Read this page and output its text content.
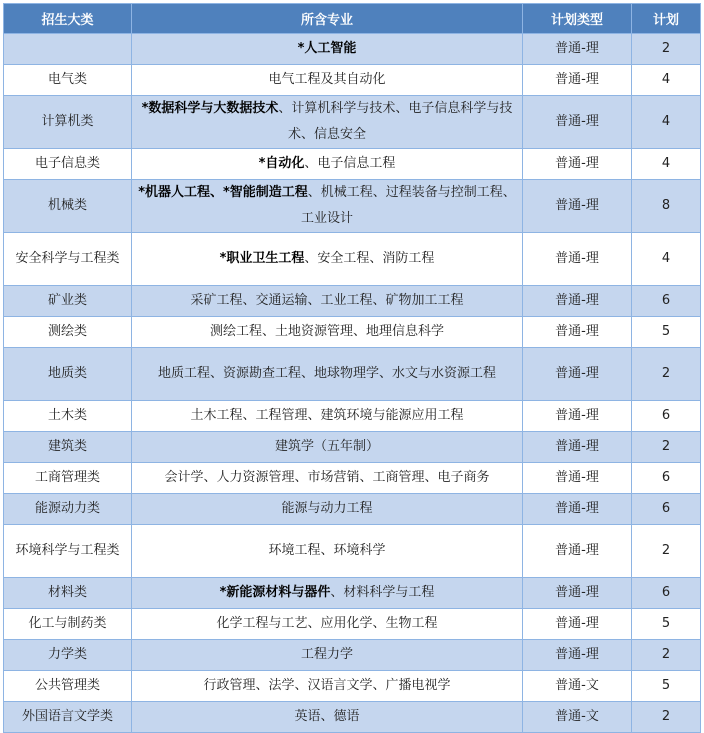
招生大类	所含专业	计划类型	计划
	*人工智能	普通-理	2
电气类	电气工程及其自动化	普通-理	4
计算机类	*数据科学与大数据技术、计算机科学与技术、电子信息科学与技术、信息安全	普通-理	4
电子信息类	*自动化、电子信息工程	普通-理	4
机械类	*机器人工程、*智能制造工程、机械工程、过程装备与控制工程、工业设计	普通-理	8
安全科学与工程类	*职业卫生工程、安全工程、消防工程	普通-理	4
矿业类	采矿工程、交通运输、工业工程、矿物加工工程	普通-理	6
测绘类	测绘工程、土地资源管理、地理信息科学	普通-理	5
地质类	地质工程、资源勘查工程、地球物理学、水文与水资源工程	普通-理	2
土木类	土木工程、工程管理、建筑环境与能源应用工程	普通-理	6
建筑类	建筑学（五年制）	普通-理	2
工商管理类	会计学、人力资源管理、市场营销、工商管理、电子商务	普通-理	6
能源动力类	能源与动力工程	普通-理	6
环境科学与工程类	环境工程、环境科学	普通-理	2
材料类	*新能源材料与器件、材料科学与工程	普通-理	6
化工与制药类	化学工程与工艺、应用化学、生物工程	普通-理	5
力学类	工程力学	普通-理	2
公共管理类	行政管理、法学、汉语言文学、广播电视学	普通-文	5
外国语言文学类	英语、德语	普通-文	2
